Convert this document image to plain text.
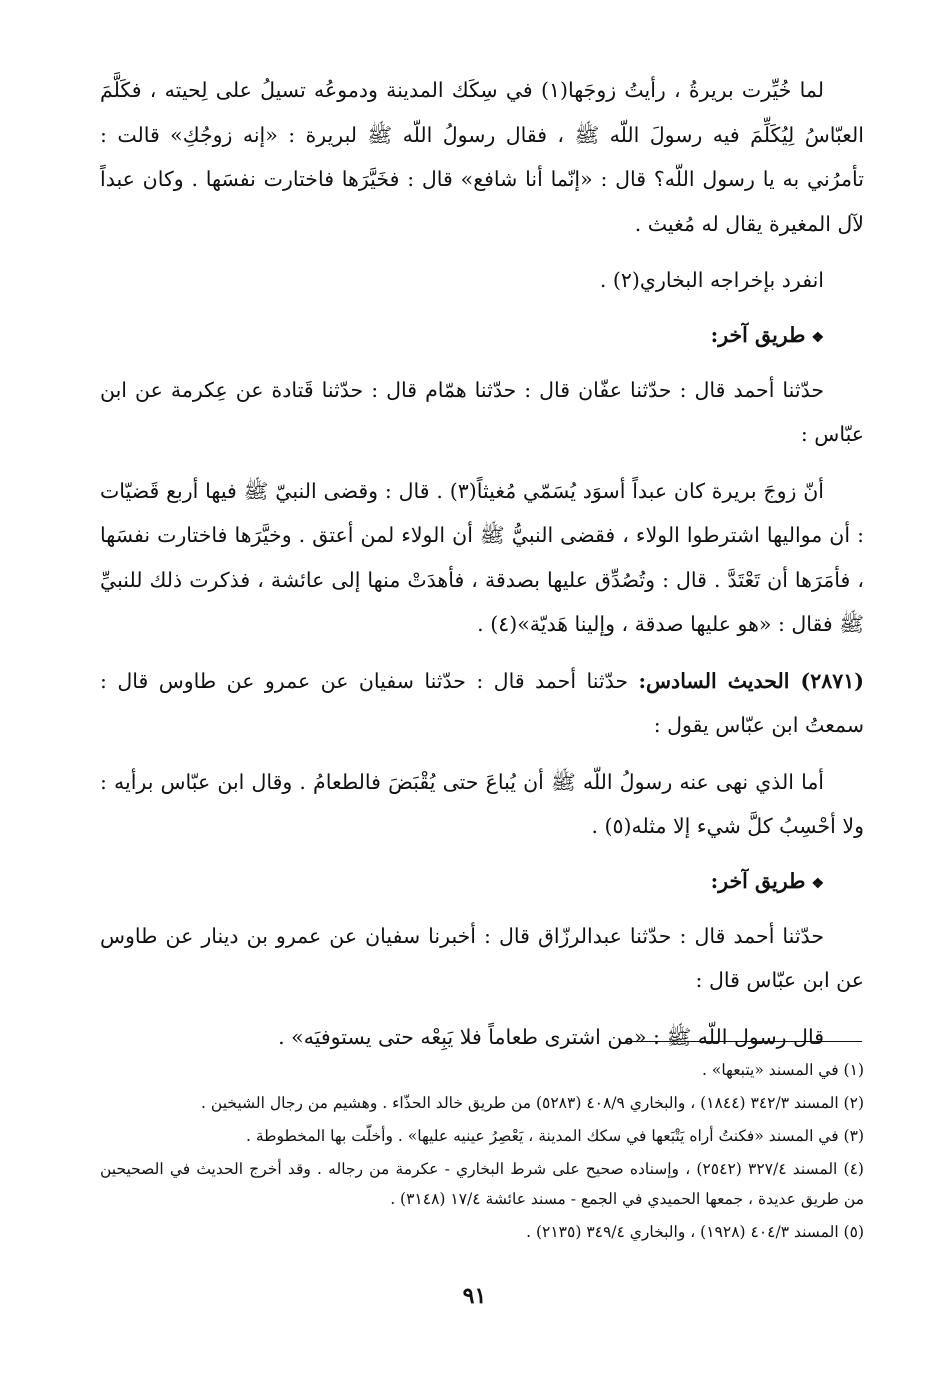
لما خُيِّرت بريرةُ ، رأيتُ زوجَها(١) في سِكَك المدينة ودموعُه تسيلُ على لِحيته ، فكَلَّمَ العبّاسُ لِيُكَلِّمَ فيه رسولَ اللّه ﷺ ، فقال رسولُ اللّه ﷺ لبريرة : «إنه زوجُكِ» قالت : تأمرُني به يا رسول اللّه؟ قال : «إنّما أنا شافع» قال : فخَيَّرَها فاختارت نفسَها . وكان عبداً لآل المغيرة يقال له مُغيث .

انفرد بإخراجه البخاري(٢) .

❖طريق آخر:

حدّثنا أحمد قال : حدّثنا عفّان قال : حدّثنا همّام قال : حدّثنا قَتادة عن عِكرمة عن ابن عبّاس :

أنّ زوجَ بريرة كان عبداً أسوَد يُسَمّي مُغيثاً(٣) . قال : وقضى النبيّ ﷺ فيها أربع قَضيّات : أن مواليها اشترطوا الولاء ، فقضى النبيُّ ﷺ أن الولاء لمن أعتق . وخيَّرَها فاختارت نفسَها ، فأمَرَها أن تَعْتَدَّ . قال : وتُصُدِّق عليها بصدقة ، فأهدَتْ منها إلى عائشة ، فذكرت ذلك للنبيِّ ﷺ فقال : «هو عليها صدقة ، وإلينا هَديّة»(٤) .

(٢٨٧١) الحديث السادس: حدّثنا أحمد قال : حدّثنا سفيان عن عمرو عن طاوس قال : سمعتُ ابن عبّاس يقول :

أما الذي نهى عنه رسولُ اللّه ﷺ أن يُباعَ حتى يُقْبَضَ فالطعامُ . وقال ابن عبّاس برأيه : ولا أحْسِبُ كلَّ شيء إلا مثله(٥) .

❖طريق آخر:

حدّثنا أحمد قال : حدّثنا عبدالرزّاق قال : أخبرنا سفيان عن عمرو بن دينار عن طاوس عن ابن عبّاس قال :

قال رسول اللّه ﷺ : «من اشترى طعاماً فلا يَبِعْه حتى يستوفيَه» .

(١) في المسند «يتبعها» .

(٢) المسند ٣٤٢/٣ (١٨٤٤) ، والبخاري ٤٠٨/٩ (٥٢٨٣) من طريق خالد الحذّاء . وهشيم من رجال الشيخين .

(٣) في المسند «فكنتُ أراه يَتْبَعها في سكك المدينة ، يَعْصِرُ عينيه عليها» . وأخلّت بها المخطوطة .

(٤) المسند ٣٢٧/٤ (٢٥٤٢) ، وإسناده صحيح على شرط البخاري - عكرمة من رجاله . وقد أخرج الحديث في الصحيحين من طريق عديدة ، جمعها الحميدي في الجمع - مسند عائشة ١٧/٤ (٣١٤٨) .

(٥) المسند ٤٠٤/٣ (١٩٢٨) ، والبخاري ٣٤٩/٤ (٢١٣٥) .

٩١
